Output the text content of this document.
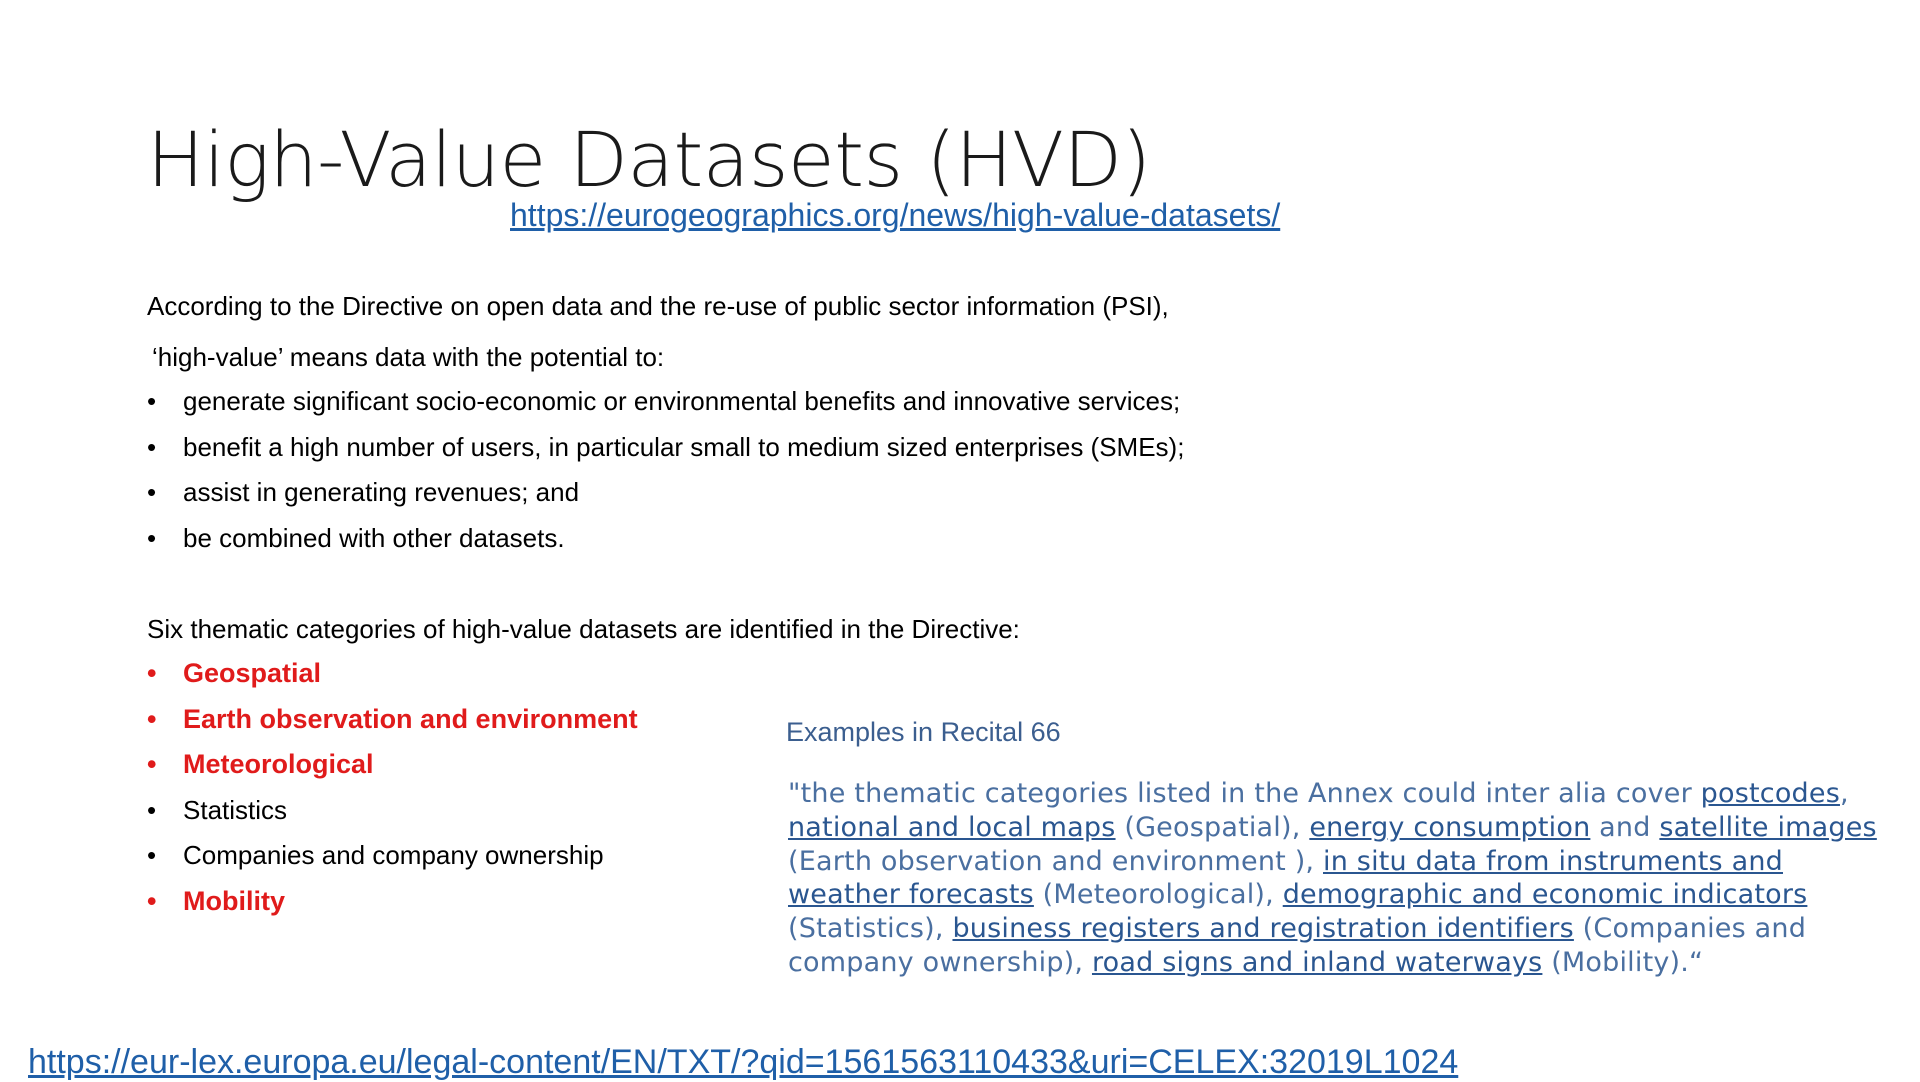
High-Value Datasets (HVD)
https://eurogeographics.org/news/high-value-datasets/
According to the Directive on open data and the re-use of public sector information (PSI),
‘high-value’ means data with the potential to:
• generate significant socio-economic or environmental benefits and innovative services;
• benefit a high number of users, in particular small to medium sized enterprises (SMEs);
• assist in generating revenues; and
• be combined with other datasets.
Six thematic categories of high-value datasets are identified in the Directive:
• Geospatial
• Earth observation and environment
• Meteorological
• Statistics
• Companies and company ownership
• Mobility
Examples in Recital 66
"the thematic categories listed in the Annex could inter alia cover postcodes,
national and local maps (Geospatial), energy consumption and satellite images
(Earth observation and environment ), in situ data from instruments and
weather forecasts (Meteorological), demographic and economic indicators
(Statistics), business registers and registration identifiers (Companies and
company ownership), road signs and inland waterways (Mobility).“
https://eur-lex.europa.eu/legal-content/EN/TXT/?qid=1561563110433&uri=CELEX:32019L1024
